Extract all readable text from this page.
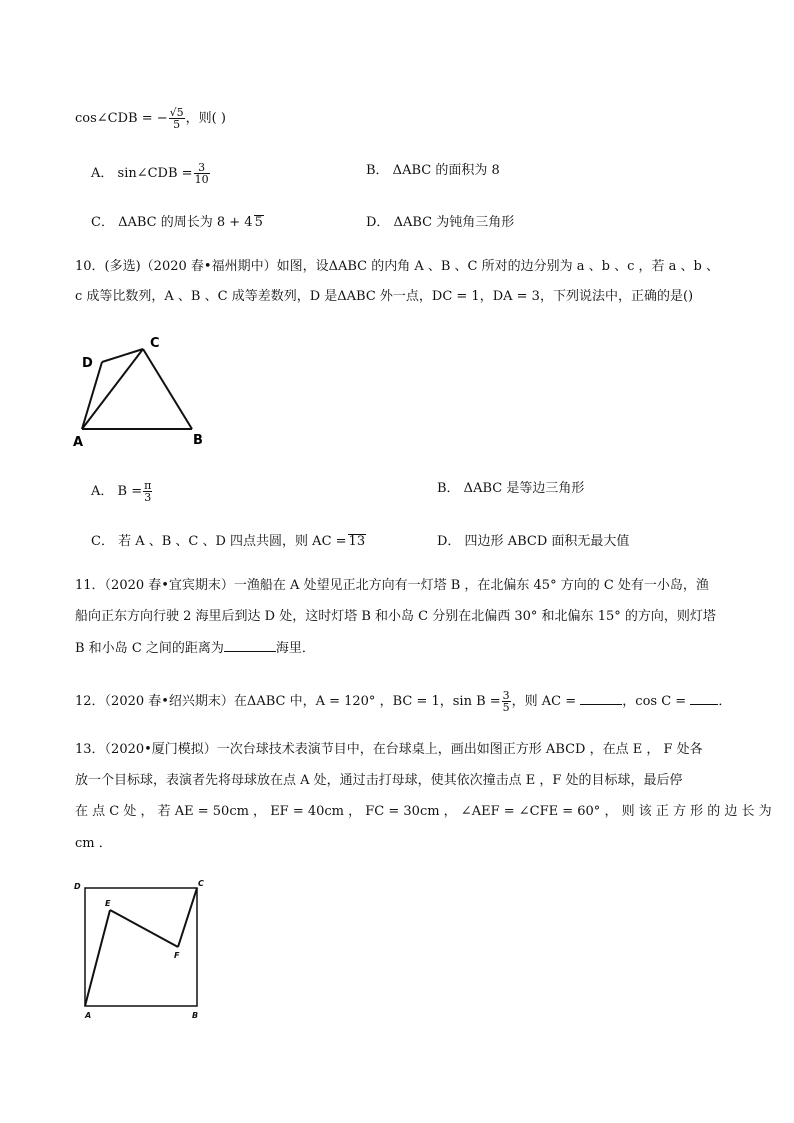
cos∠CDB = − $\frac{√5}{5}$ ，则( )
A． sin∠CDB = $\frac{3}{10}$	B． ΔABC 的面积为 8
C． ΔABC 的周长为 8 + 4 5	D． ΔABC 为钝角三角形
10．(多选)（2020 春•福州期中）如图，设ΔABC 的内角 A 、B 、C 所对的边分别为 a 、b 、c ，若 a 、b 、
c 成等比数列，A 、B 、C 成等差数列，D 是ΔABC 外一点，DC = 1，DA = 3，下列说法中，正确的是()
D
C
A	B
A． $B = \frac{\pi}{3}$	B． ΔABC 是等边三角形
C． 若 A 、B 、C 、D 四点共圆，则 AC = 13	D． 四边形 ABCD 面积无最大值
11．（2020 春•宜宾期末）一渔船在 A 处望见正北方向有一灯塔 B ，在北偏东 45° 方向的 C 处有一小岛，渔
船向正东方向行驶 2 海里后到达 D 处，这时灯塔 B 和小岛 C 分别在北偏西 30° 和北偏东 15° 的方向，则灯塔
B 和小岛 C 之间的距离为	海里．
12．（2020 春•绍兴期末）在ΔABC 中，A = 120° ，BC = 1，$\sin B = \frac{3}{5}$ ，则 AC =	，cos C = ．
13．（2020•厦门模拟）一次台球技术表演节目中，在台球桌上，画出如图正方形 ABCD ，在点 E ， F 处各
放一个目标球，表演者先将母球放在点 A 处，通过击打母球，使其依次撞击点 E ，F 处的目标球，最后停
在 点 C 处 ， 若 AE = 50cm ， EF = 40cm ， FC = 30cm ， ∠AEF = ∠CFE = 60° ， 则 该 正 方 形 的 边 长 为
cm ．
D	C
E
F
A	B
